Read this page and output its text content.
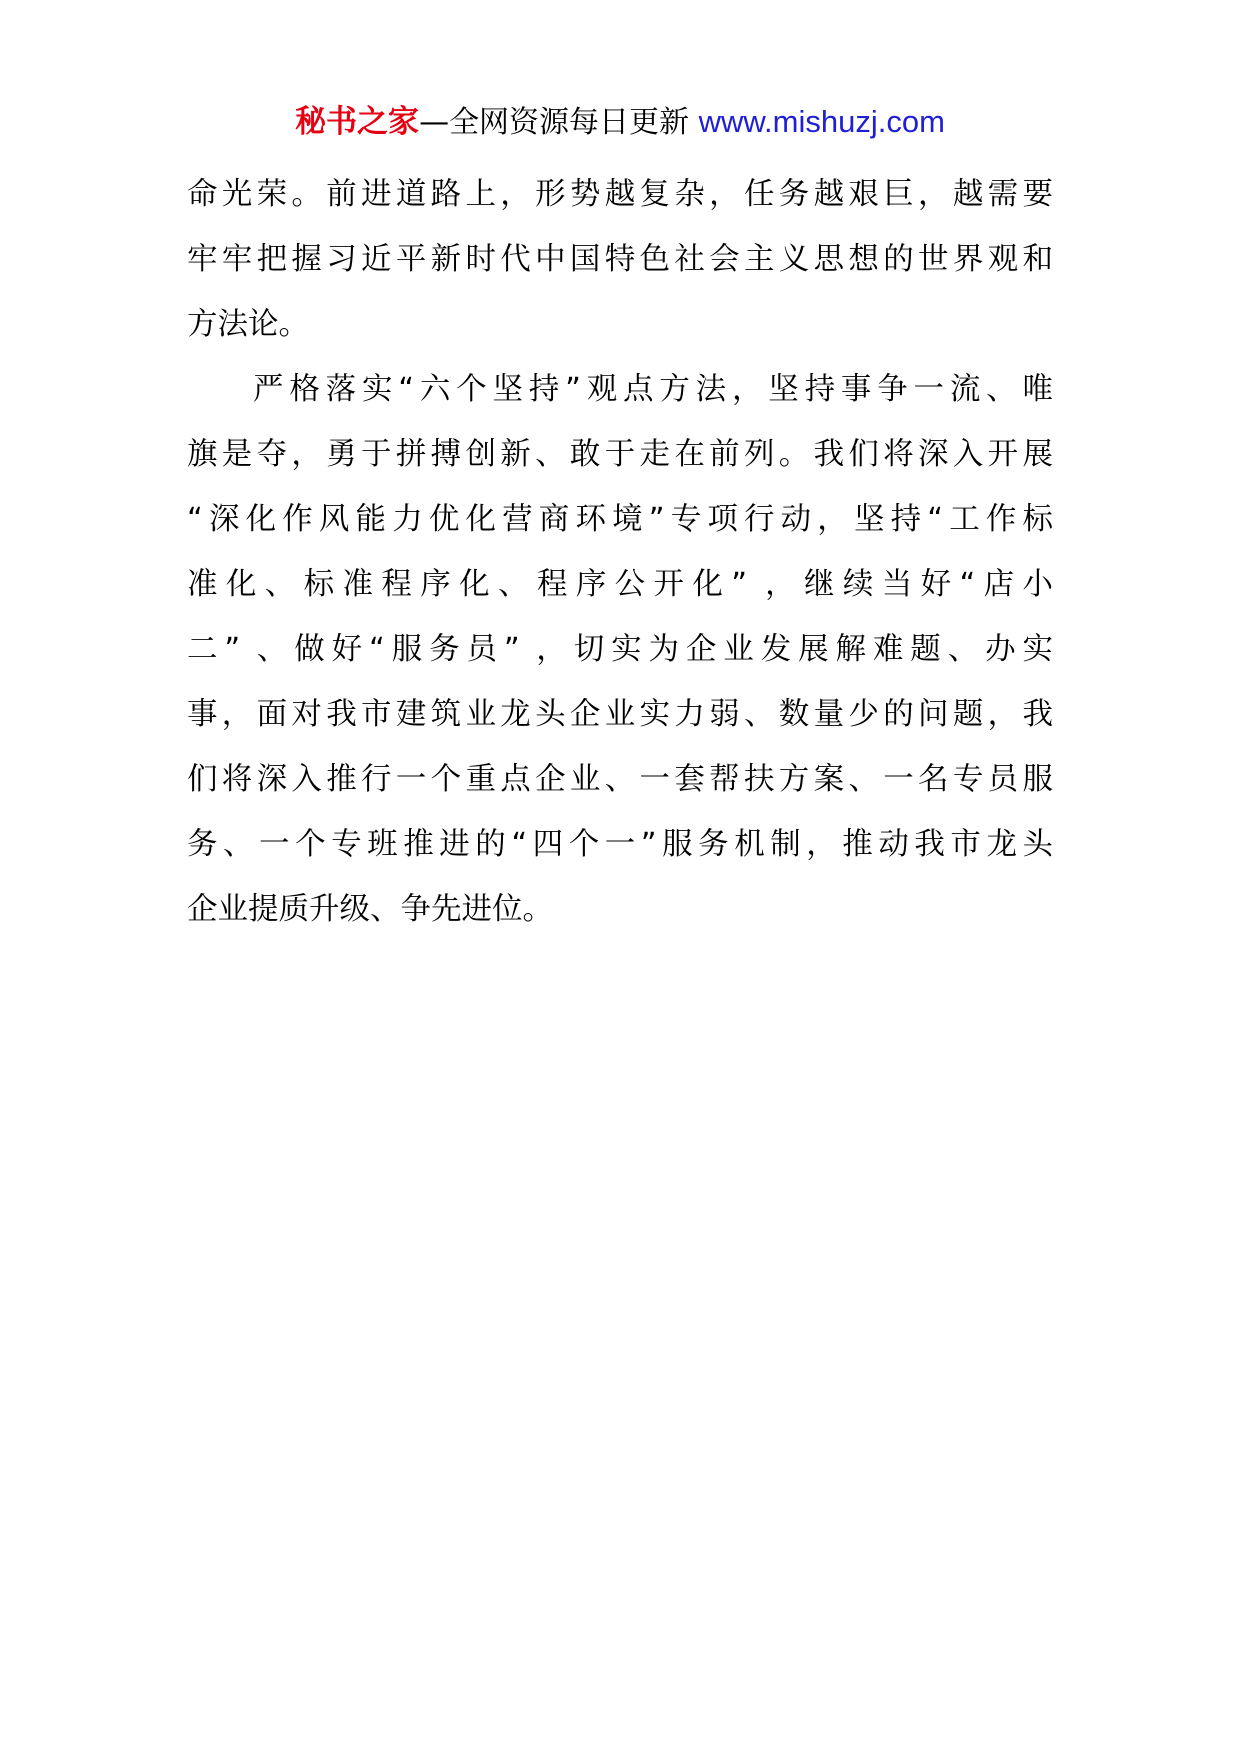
秘书之家—全网资源每日更新 www.mishuzj.com
命光荣。前进道路上，形势越复杂，任务越艰巨，越需要
牢牢把握习近平新时代中国特色社会主义思想的世界观和
方法论。
严格落实“六个坚持”观点方法，坚持事争一流、唯
旗是夺，勇于拼搏创新、敢于走在前列。我们将深入开展
“深化作风能力优化营商环境”专项行动，坚持“工作标
准化、标准程序化、程序公开化” ，继续当好“店小
二” 、做好“服务员” ，切实为企业发展解难题、办实
事，面对我市建筑业龙头企业实力弱、数量少的问题，我
们将深入推行一个重点企业、一套帮扶方案、一名专员服
务、一个专班推进的“四个一”服务机制，推动我市龙头
企业提质升级、争先进位。
